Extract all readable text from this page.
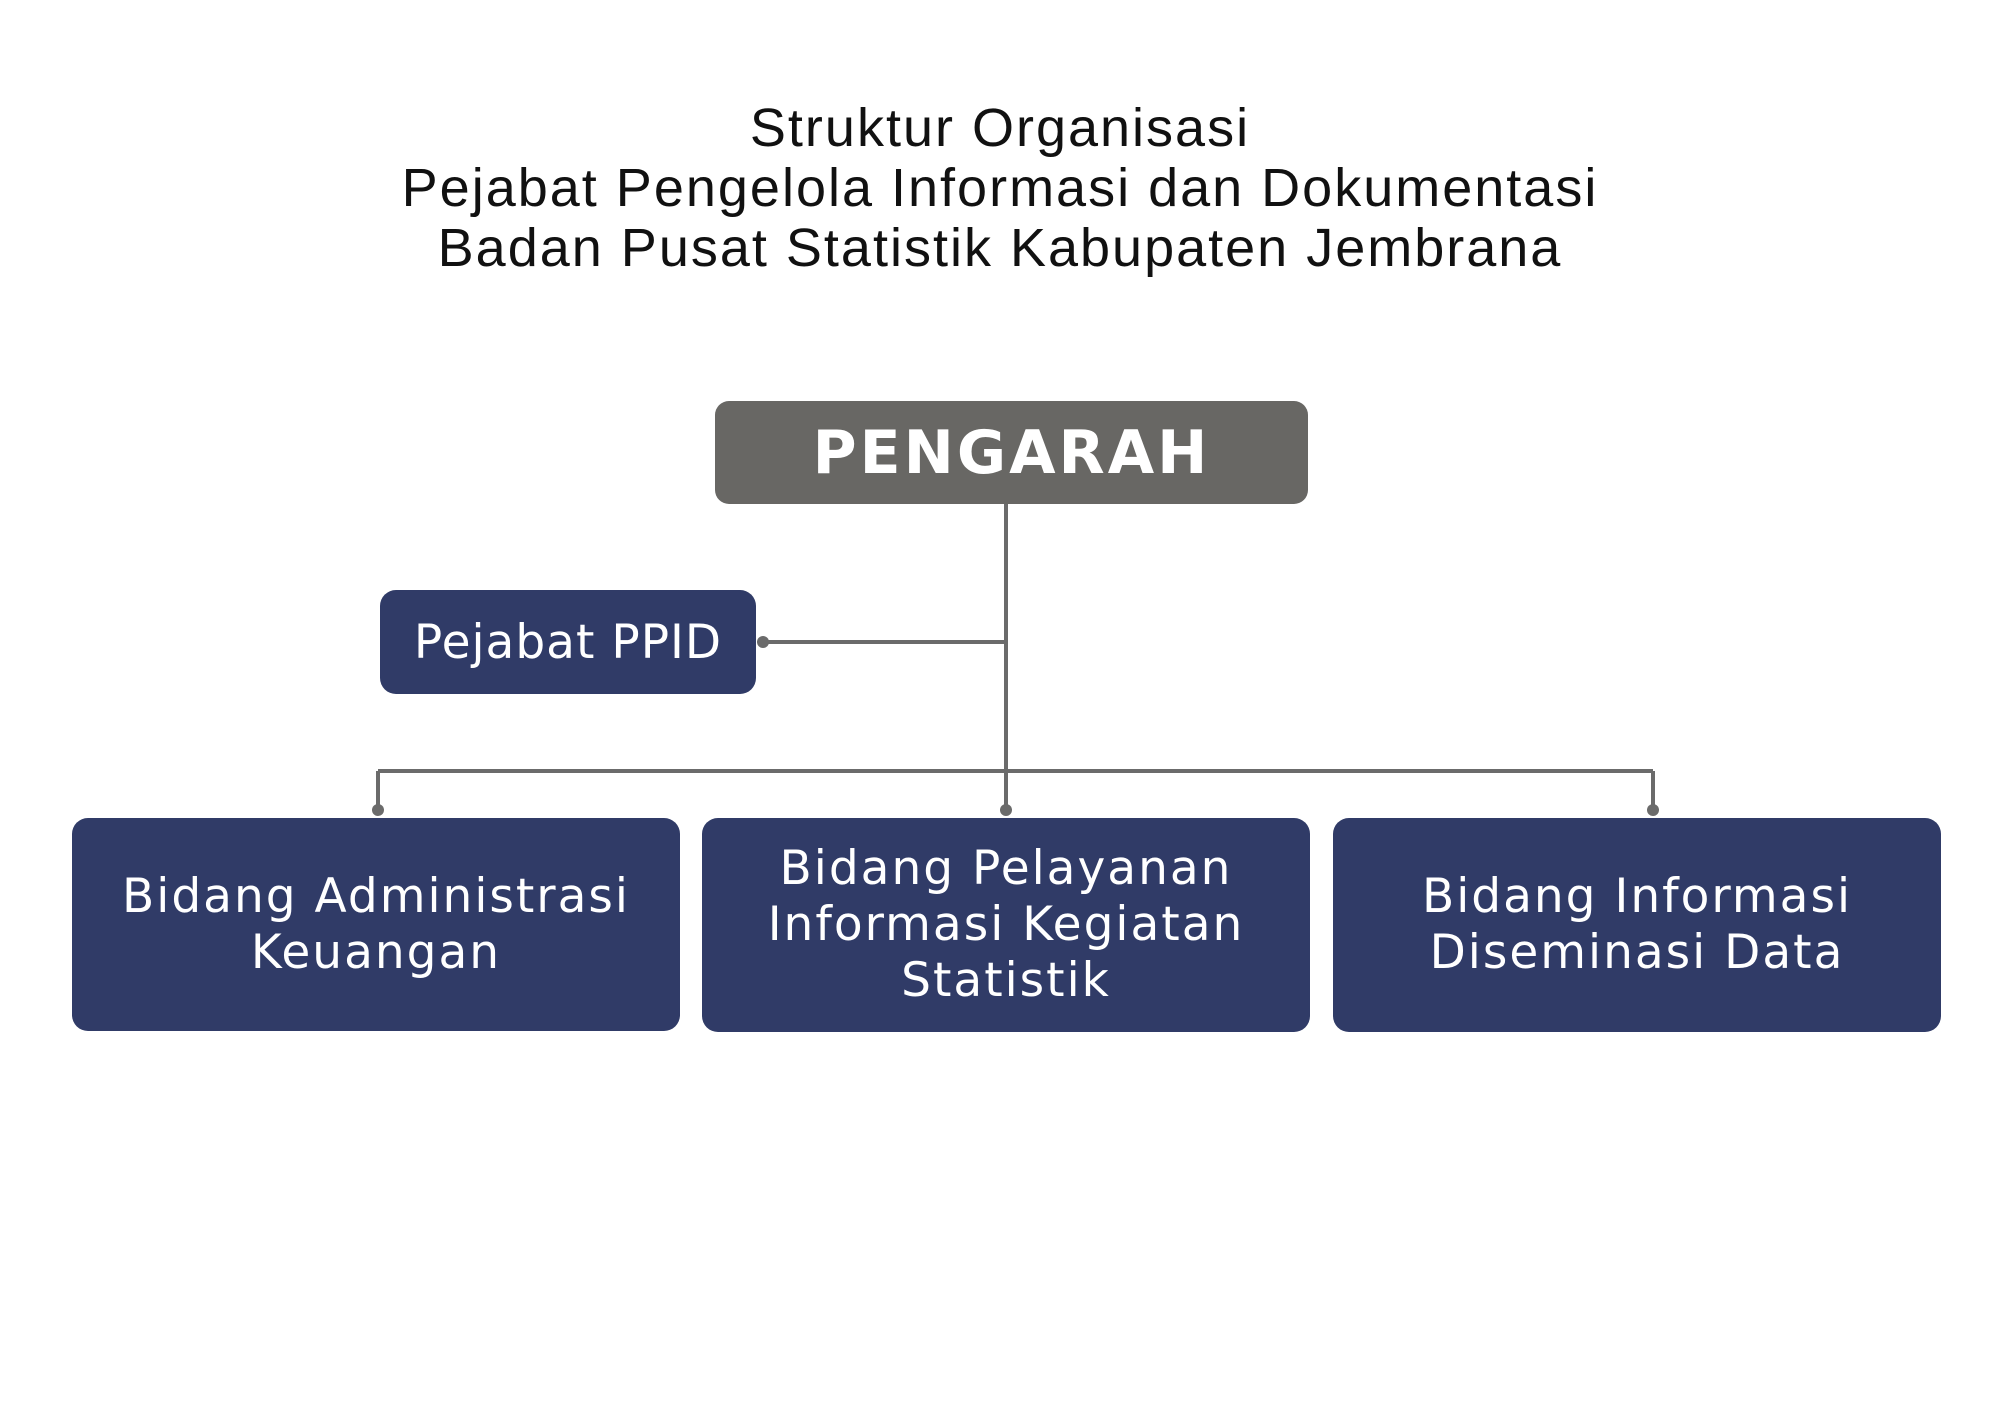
Struktur Organisasi
Pejabat Pengelola Informasi dan Dokumentasi
Badan Pusat Statistik Kabupaten Jembrana
PENGARAH
Pejabat PPID
Bidang Administrasi Keuangan
Bidang Pelayanan Informasi Kegiatan Statistik
Bidang Informasi Diseminasi Data
